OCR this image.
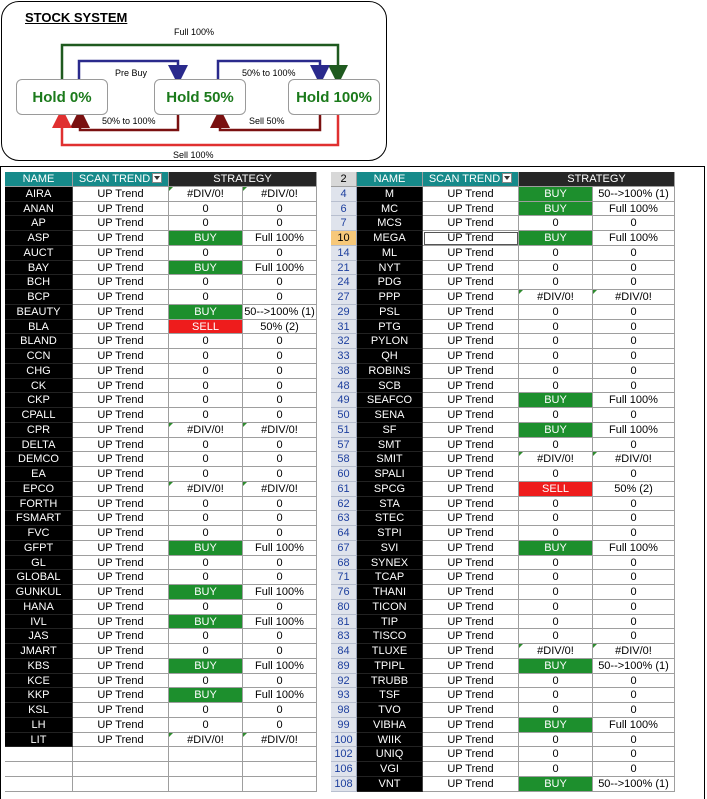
STOCK SYSTEM
Full 100%
Pre Buy	50% to 100%
50% to 100%	Sell 50%
Sell 100%
Hold 0%	Hold 50%	Hold 100%
NAME	SCAN TREND	STRATEGY
AIRA	UP Trend	#DIV/0!	#DIV/0!
ANAN	UP Trend	0	0
AP	UP Trend	0	0
ASP	UP Trend	BUY	Full 100%
AUCT	UP Trend	0	0
BAY	UP Trend	BUY	Full 100%
BCH	UP Trend	0	0
BCP	UP Trend	0	0
BEAUTY	UP Trend	BUY	50-->100% (1)
BLA	UP Trend	SELL	50% (2)
BLAND	UP Trend	0	0
CCN	UP Trend	0	0
CHG	UP Trend	0	0
CK	UP Trend	0	0
CKP	UP Trend	0	0
CPALL	UP Trend	0	0
CPR	UP Trend	#DIV/0!	#DIV/0!
DELTA	UP Trend	0	0
DEMCO	UP Trend	0	0
EA	UP Trend	0	0
EPCO	UP Trend	#DIV/0!	#DIV/0!
FORTH	UP Trend	0	0
FSMART	UP Trend	0	0
FVC	UP Trend	0	0
GFPT	UP Trend	BUY	Full 100%
GL	UP Trend	0	0
GLOBAL	UP Trend	0	0
GUNKUL	UP Trend	BUY	Full 100%
HANA	UP Trend	0	0
IVL	UP Trend	BUY	Full 100%
JAS	UP Trend	0	0
JMART	UP Trend	0	0
KBS	UP Trend	BUY	Full 100%
KCE	UP Trend	0	0
KKP	UP Trend	BUY	Full 100%
KSL	UP Trend	0	0
LH	UP Trend	0	0
LIT	UP Trend	#DIV/0!	#DIV/0!
2	NAME	SCAN TREND	STRATEGY
4	M	UP Trend	BUY	50-->100% (1)
6	MC	UP Trend	BUY	Full 100%
7	MCS	UP Trend	0	0
10	MEGA	UP Trend	BUY	Full 100%
14	ML	UP Trend	0	0
21	NYT	UP Trend	0	0
24	PDG	UP Trend	0	0
27	PPP	UP Trend	#DIV/0!	#DIV/0!
29	PSL	UP Trend	0	0
31	PTG	UP Trend	0	0
32	PYLON	UP Trend	0	0
33	QH	UP Trend	0	0
38	ROBINS	UP Trend	0	0
48	SCB	UP Trend	0	0
49	SEAFCO	UP Trend	BUY	Full 100%
50	SENA	UP Trend	0	0
51	SF	UP Trend	BUY	Full 100%
57	SMT	UP Trend	0	0
58	SMIT	UP Trend	#DIV/0!	#DIV/0!
60	SPALI	UP Trend	0	0
61	SPCG	UP Trend	SELL	50% (2)
62	STA	UP Trend	0	0
63	STEC	UP Trend	0	0
64	STPI	UP Trend	0	0
67	SVI	UP Trend	BUY	Full 100%
68	SYNEX	UP Trend	0	0
71	TCAP	UP Trend	0	0
76	THANI	UP Trend	0	0
80	TICON	UP Trend	0	0
81	TIP	UP Trend	0	0
83	TISCO	UP Trend	0	0
84	TLUXE	UP Trend	#DIV/0!	#DIV/0!
89	TPIPL	UP Trend	BUY	50-->100% (1)
92	TRUBB	UP Trend	0	0
93	TSF	UP Trend	0	0
98	TVO	UP Trend	0	0
99	VIBHA	UP Trend	BUY	Full 100%
100	WIIK	UP Trend	0	0
102	UNIQ	UP Trend	0	0
106	VGI	UP Trend	0	0
108	VNT	UP Trend	BUY	50-->100% (1)
